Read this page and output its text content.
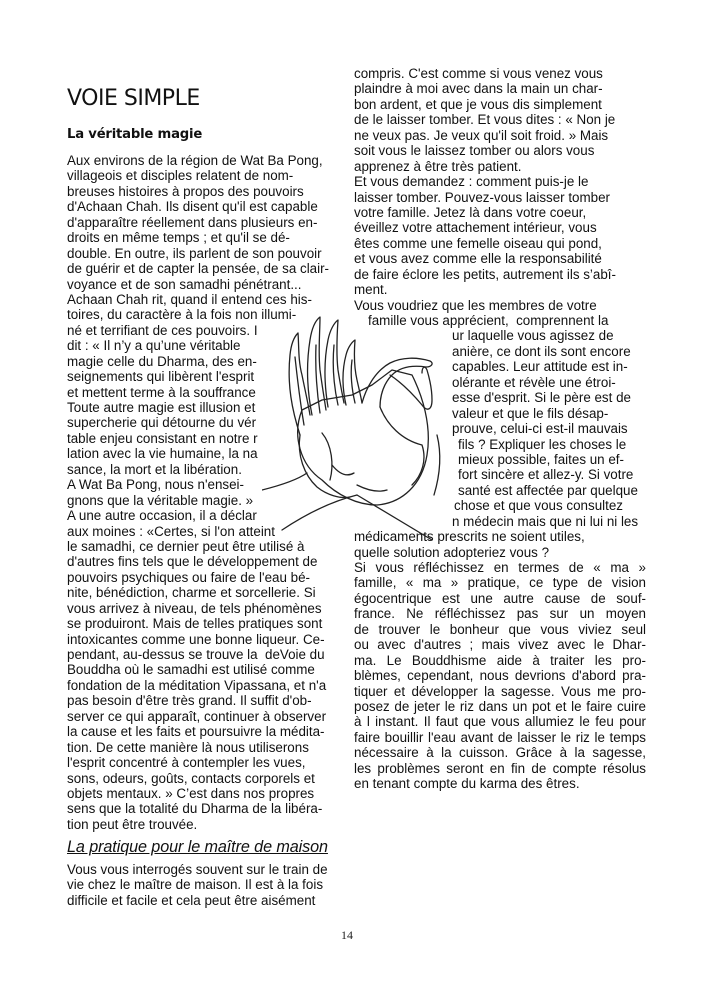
VOIE SIMPLE
La véritable magie
Aux environs de la région de Wat Ba Pong,
villageois et disciples relatent de nom-
breuses histoires à propos des pouvoirs
d'Achaan Chah. Ils disent qu'il est capable
d'apparaître réellement dans plusieurs en-
droits en même temps ; et qu'il se dé-
double. En outre, ils parlent de son pouvoir
de guérir et de capter la pensée, de sa clair-
voyance et de son samadhi pénétrant...
Achaan Chah rit, quand il entend ces his-
toires, du caractère à la fois non illumi-
né et terrifiant de ces pouvoirs. I
dit : « Il n’y a qu’une véritable
magie celle du Dharma, des en-
seignements qui libèrent l'esprit
et mettent terme à la souffrance
Toute autre magie est illusion et
supercherie qui détourne du vér
table enjeu consistant en notre r
lation avec la vie humaine, la na
sance, la mort et la libération.
A Wat Ba Pong, nous n'ensei-
gnons que la véritable magie. »
A une autre occasion, il a déclar
aux moines : «Certes, si l'on atteint
le samadhi, ce dernier peut être utilisé à
d'autres fins tels que le développement de
pouvoirs psychiques ou faire de l'eau bé-
nite, bénédiction, charme et sorcellerie. Si
vous arrivez à niveau, de tels phénomènes
se produiront. Mais de telles pratiques sont
intoxicantes comme une bonne liqueur. Ce-
pendant, au-dessus se trouve la  deVoie du
Bouddha où le samadhi est utilisé comme
fondation de la méditation Vipassana, et n'a
pas besoin d'être très grand. Il suffit d'ob-
server ce qui apparaît, continuer à observer
la cause et les faits et poursuivre la médita-
tion. De cette manière là nous utiliserons
l'esprit concentré à contempler les vues,
sons, odeurs, goûts, contacts corporels et
objets mentaux. » C’est dans nos propres
sens que la totalité du Dharma de la libéra-
tion peut être trouvée.
La pratique pour le maître de maison
Vous vous interrogés souvent sur le train de
vie chez le maître de maison. Il est à la fois
difficile et facile et cela peut être aisément
compris. C'est comme si vous venez vous
plaindre à moi avec dans la main un char-
bon ardent, et que je vous dis simplement
de le laisser tomber. Et vous dites : « Non je
ne veux pas. Je veux qu'il soit froid. » Mais
soit vous le laissez tomber ou alors vous
apprenez à être très patient.
Et vous demandez : comment puis-je le
laisser tomber. Pouvez-vous laisser tomber
votre famille. Jetez là dans votre coeur,
éveillez votre attachement intérieur, vous
êtes comme une femelle oiseau qui pond,
et vous avez comme elle la responsabilité
de faire éclore les petits, autrement ils s’abî-
ment.
Vous voudriez que les membres de votre
famille vous apprécient,  comprennent la
ur laquelle vous agissez de
anière, ce dont ils sont encore
capables. Leur attitude est in-
olérante et révèle une étroi-
esse d'esprit. Si le père est de
valeur et que le fils désap-
prouve, celui-ci est-il mauvais
fils ? Expliquer les choses le
mieux possible, faites un ef-
fort sincère et allez-y. Si votre
santé est affectée par quelque
chose et que vous consultez
n médecin mais que ni lui ni les
médicaments prescrits ne soient utiles,
quelle solution adopteriez vous ?
Si vous réfléchissez en termes de « ma »
famille, « ma » pratique, ce type de vision
égocentrique est une autre cause de souf-
france. Ne réfléchissez pas sur un moyen
de trouver le bonheur que vous viviez seul
ou avec d'autres ; mais vivez avec le Dhar-
ma. Le Bouddhisme aide à traiter les pro-
blèmes, cependant, nous devrions d'abord pra-
tiquer et développer la sagesse. Vous me pro-
posez de jeter le riz dans un pot et le faire cuire
à l instant. Il faut que vous allumiez le feu pour
faire bouillir l'eau avant de laisser le riz le temps
nécessaire à la cuisson. Grâce à la sagesse,
les problèmes seront en fin de compte résolus
en tenant compte du karma des êtres.
14
